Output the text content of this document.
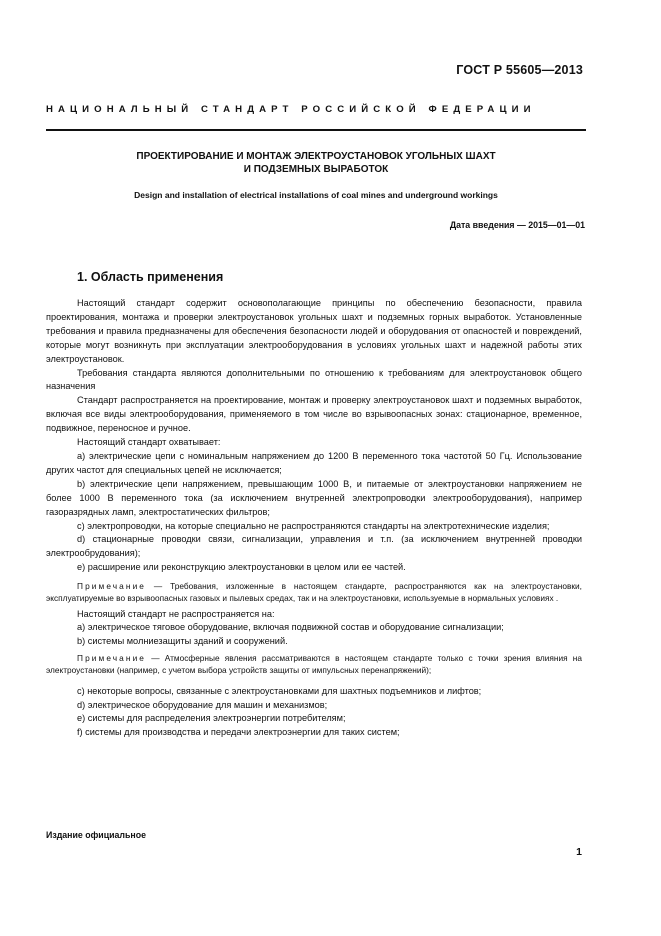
ГОСТ Р 55605—2013
НАЦИОНАЛЬНЫЙ СТАНДАРТ РОССИЙСКОЙ ФЕДЕРАЦИИ
ПРОЕКТИРОВАНИЕ И МОНТАЖ ЭЛЕКТРОУСТАНОВОК УГОЛЬНЫХ ШАХТ
И ПОДЗЕМНЫХ ВЫРАБОТОК
Design and installation of electrical installations of coal mines and underground workings
Дата введения — 2015—01—01
1. Область применения

Настоящий стандарт содержит основополагающие принципы по обеспечению безопасности, правила проектирования, монтажа и проверки электроустановок угольных шахт и подземных горных выработок. Установленные требования и правила предназначены для обеспечения безопасности людей и оборудования от опасностей и повреждений, которые могут возникнуть при эксплуатации электрооборудования в условиях угольных шахт и надежной работы этих электроустановок.

Требования стандарта являются дополнительными по отношению к требованиям для электроустановок общего назначения

Стандарт распространяется на проектирование, монтаж и проверку электроустановок шахт и подземных выработок, включая все виды электрооборудования, применяемого в том числе во взрывоопасных зонах: стационарное, временное, подвижное, переносное и ручное.

Настоящий стандарт охватывает:

a) электрические цепи с номинальным напряжением до 1200 В переменного тока частотой 50 Гц. Использование других частот для специальных цепей не исключается;

b) электрические цепи напряжением, превышающим 1000 В, и питаемые от электроустановки напряжением не более 1000 В переменного тока (за исключением внутренней электропроводки электрооборудования), например газоразрядных ламп, электростатических фильтров;

c) электропроводки, на которые специально не распространяются стандарты на электротехнические изделия;

d) стационарные проводки связи, сигнализации, управления и т.п. (за исключением внутренней проводки электрообрудования);

e) расширение или реконструкцию электроустановки в целом или ее частей.

Примечание — Требования, изложенные в настоящем стандарте, распространяются как на электроустановки, эксплуатируемые во взрывоопасных газовых и пылевых средах, так и на электроустановки, используемые в нормальных условиях .

Настоящий стандарт не распространяется на:

a) электрическое тяговое оборудование, включая подвижной состав и оборудование сигнализации;

b) системы молниезащиты зданий и сооружений.

Примечание — Атмосферные явления рассматриваются в настоящем стандарте только с точки зрения влияния на электроустановки (например, с учетом выбора устройств защиты от импульсных перенапряжений);

c) некоторые вопросы, связанные с электроустановками для шахтных подъемников и лифтов;

d) электрическое оборудование для машин и механизмов;

e) системы для распределения электроэнергии потребителям;

f) системы для производства и передачи электроэнергии для таких систем;

Издание официальное
1
